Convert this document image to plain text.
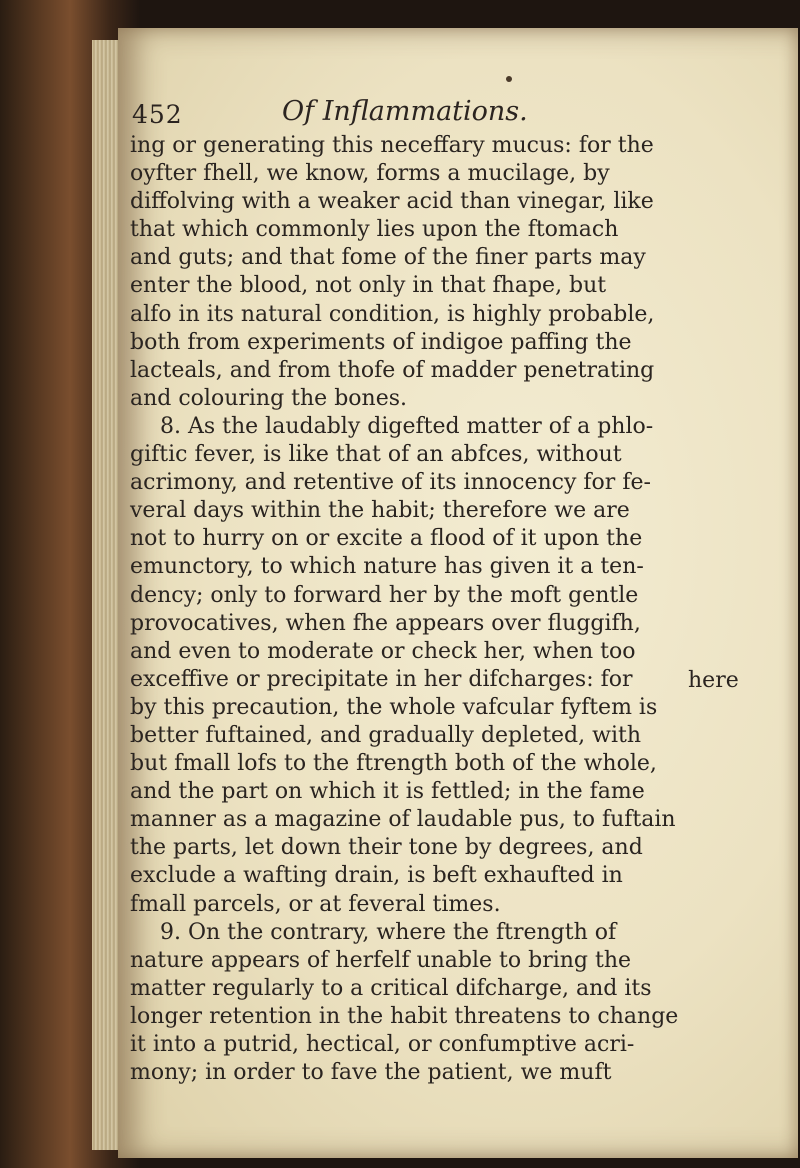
452	Of Inflammations.
ing or generating this neceffary mucus: for the
oyfter fhell, we know, forms a mucilage, by
diffolving with a weaker acid than vinegar, like
that which commonly lies upon the ftomach
and guts; and that fome of the finer parts may
enter the blood, not only in that fhape, but
alfo in its natural condition, is highly probable,
both from experiments of indigoe paffing the
lacteals, and from thofe of madder penetrating
and colouring the bones.
8. As the laudably digefted matter of a phlo-
giftic fever, is like that of an abfces, without
acrimony, and retentive of its innocency for fe-
veral days within the habit; therefore we are
not to hurry on or excite a flood of it upon the
emunctory, to which nature has given it a ten-
dency; only to forward her by the moft gentle
provocatives, when fhe appears over fluggifh,
and even to moderate or check her, when too
exceffive or precipitate in her difcharges: for
by this precaution, the whole vafcular fyftem is
better fuftained, and gradually depleted, with
but fmall lofs to the ftrength both of the whole,
and the part on which it is fettled; in the fame
manner as a magazine of laudable pus, to fuftain
the parts, let down their tone by degrees, and
exclude a wafting drain, is beft exhaufted in
fmall parcels, or at feveral times.
9. On the contrary, where the ftrength of
nature appears of herfelf unable to bring the
matter regularly to a critical difcharge, and its
longer retention in the habit threatens to change
it into a putrid, hectical, or confumptive acri-
mony; in order to fave the patient, we muft
here
